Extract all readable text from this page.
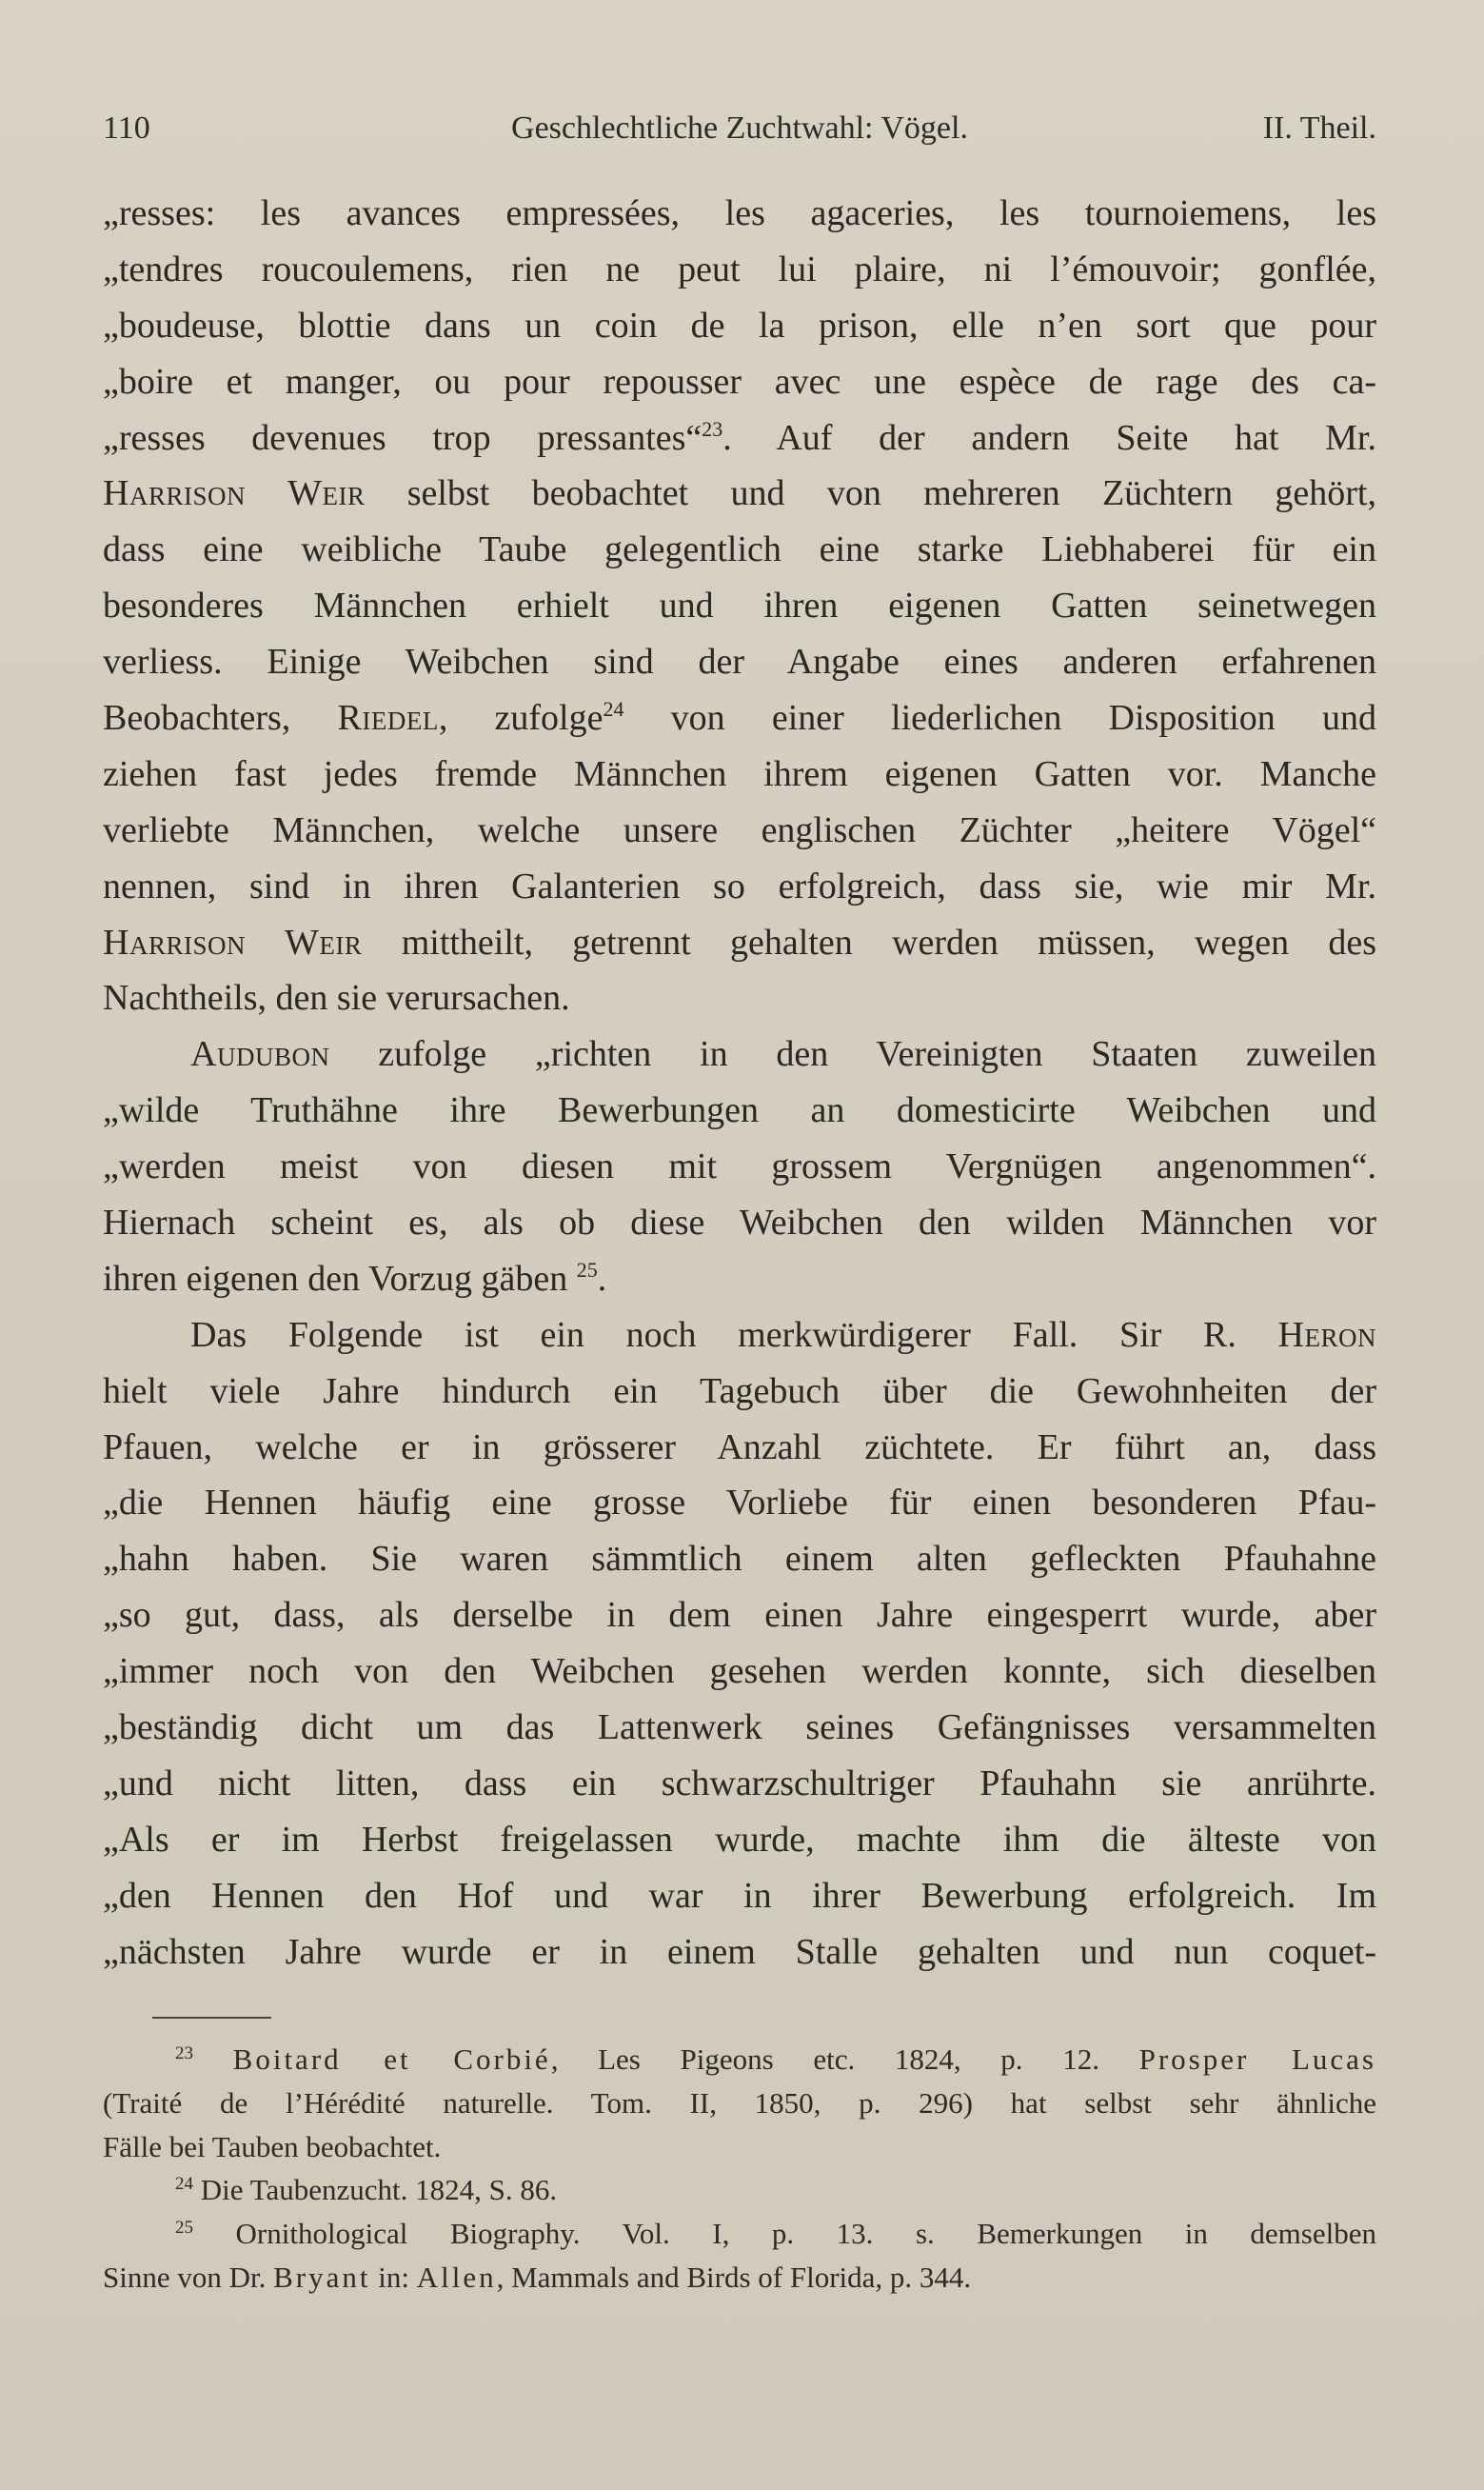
110	Geschlechtliche Zuchtwahl: Vögel.	II. Theil.
„resses: les avances empressées, les agaceries, les tournoiemens, les
„tendres roucoulemens, rien ne peut lui plaire, ni l’émouvoir; gonflée,
„boudeuse, blottie dans un coin de la prison, elle n’en sort que pour
„boire et manger, ou pour repousser avec une espèce de rage des ca-
„resses devenues trop pressantes“$^{23}$. Auf der andern Seite hat Mr.
Harrison Weir selbst beobachtet und von mehreren Züchtern gehört,
dass eine weibliche Taube gelegentlich eine starke Liebhaberei für ein
besonderes Männchen erhielt und ihren eigenen Gatten seinetwegen
verliess. Einige Weibchen sind der Angabe eines anderen erfahrenen
Beobachters, Riedel, zufolge$^{24}$ von einer liederlichen Disposition und
ziehen fast jedes fremde Männchen ihrem eigenen Gatten vor. Manche
verliebte Männchen, welche unsere englischen Züchter „heitere Vögel“
nennen, sind in ihren Galanterien so erfolgreich, dass sie, wie mir Mr.
Harrison Weir mittheilt, getrennt gehalten werden müssen, wegen des
Nachtheils, den sie verursachen.
Audubon zufolge „richten in den Vereinigten Staaten zuweilen
„wilde Truthähne ihre Bewerbungen an domesticirte Weibchen und
„werden meist von diesen mit grossem Vergnügen angenommen“.
Hiernach scheint es, als ob diese Weibchen den wilden Männchen vor
ihren eigenen den Vorzug gäben $^{25}$.
Das Folgende ist ein noch merkwürdigerer Fall. Sir R. Heron
hielt viele Jahre hindurch ein Tagebuch über die Gewohnheiten der
Pfauen, welche er in grösserer Anzahl züchtete. Er führt an, dass
„die Hennen häufig eine grosse Vorliebe für einen besonderen Pfau-
„hahn haben. Sie waren sämmtlich einem alten gefleckten Pfauhahne
„so gut, dass, als derselbe in dem einen Jahre eingesperrt wurde, aber
„immer noch von den Weibchen gesehen werden konnte, sich dieselben
„beständig dicht um das Lattenwerk seines Gefängnisses versammelten
„und nicht litten, dass ein schwarzschultriger Pfauhahn sie anrührte.
„Als er im Herbst freigelassen wurde, machte ihm die älteste von
„den Hennen den Hof und war in ihrer Bewerbung erfolgreich. Im
„nächsten Jahre wurde er in einem Stalle gehalten und nun coquet-
$^{23}$ Boitard et Corbié, Les Pigeons etc. 1824, p. 12. Prosper Lucas
(Traité de l’Hérédité naturelle. Tom. II, 1850, p. 296) hat selbst sehr ähnliche
Fälle bei Tauben beobachtet.
$^{24}$ Die Taubenzucht. 1824, S. 86.
$^{25}$ Ornithological Biography. Vol. I, p. 13. s. Bemerkungen in demselben
Sinne von Dr. Bryant in: Allen, Mammals and Birds of Florida, p. 344.
